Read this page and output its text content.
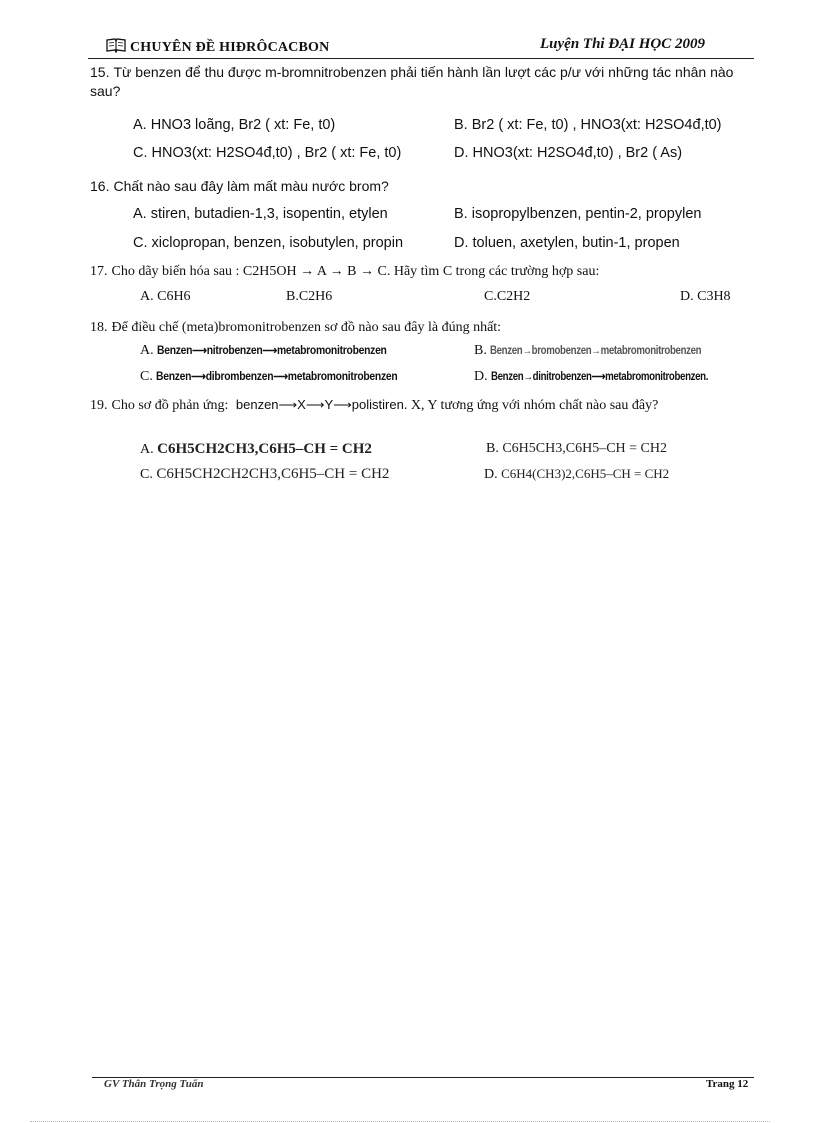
CHUYÊN ĐỀ HIĐRÔCACBON	Luyện Thi ĐẠI HỌC 2009
15. Từ benzen để thu được m-bromnitrobenzen phải tiến hành lần lượt các p/ư với những tác nhân nào sau?
A. HNO3 loãng, Br2 ( xt: Fe, t0)	B. Br2 ( xt: Fe, t0) , HNO3(xt: H2SO4đ,t0)
C. HNO3(xt: H2SO4đ,t0) , Br2 ( xt: Fe, t0)	D. HNO3(xt: H2SO4đ,t0) , Br2 ( As)
16. Chất nào sau đây làm mất màu nước brom?
A. stiren, butadien-1,3, isopentin, etylen	B. isopropylbenzen, pentin-2, propylen
C. xiclopropan, benzen, isobutylen, propin	D. toluen, axetylen, butin-1, propen
17. Cho dãy biến hóa sau : C2H5OH → A → B → C. Hãy tìm C trong các trường hợp sau:
A. C6H6	B.C2H6	C.C2H2	D. C3H8
18. Để điều chế (meta)bromonitrobenzen sơ đồ nào sau đây là đúng nhất:
A. Benzen⟶nitrobenzen⟶metabromonitrobenzen	B. Benzen→bromobenzen→metabromonitrobenzen
C. Benzen⟶dibrombenzen⟶metabromonitrobenzen	D. Benzen→dinitrobenzen⟶metabromonitrobenzen.
19. Cho sơ đồ phản ứng: benzen⟶X⟶Y⟶polistiren. X, Y tương ứng với nhóm chất nào sau đây?
A. C6H5CH2CH3,C6H5–CH = CH2	B. C6H5CH3,C6H5–CH = CH2
C. C6H5CH2CH2CH3,C6H5–CH = CH2	D. C6H4(CH3)2,C6H5–CH = CH2
GV Thân Trọng Tuấn	Trang 12
